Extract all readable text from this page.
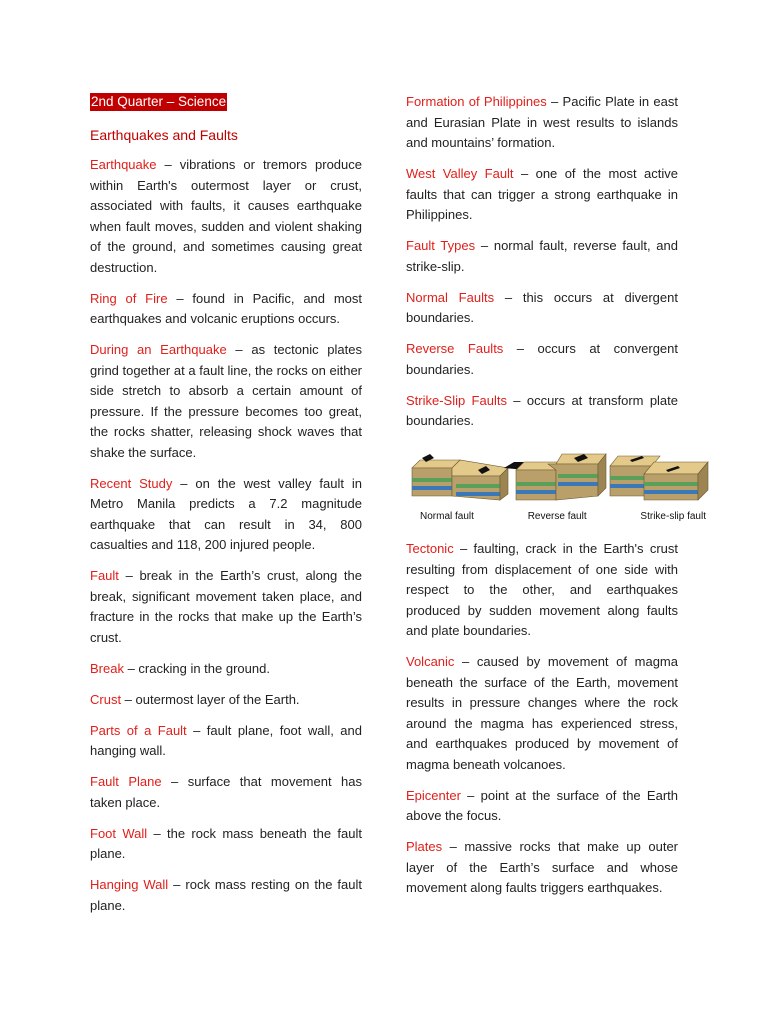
2nd Quarter – Science
Earthquakes and Faults

Earthquake – vibrations or tremors produce within Earth's outermost layer or crust, associated with faults, it causes earthquake when fault moves, sudden and violent shaking of the ground, and sometimes causing great destruction.

Ring of Fire – found in Pacific, and most earthquakes and volcanic eruptions occurs.

During an Earthquake – as tectonic plates grind together at a fault line, the rocks on either side stretch to absorb a certain amount of pressure. If the pressure becomes too great, the rocks shatter, releasing shock waves that shake the surface.

Recent Study – on the west valley fault in Metro Manila predicts a 7.2 magnitude earthquake that can result in 34, 800 casualties and 118, 200 injured people.

Fault – break in the Earth’s crust, along the break, significant movement taken place, and fracture in the rocks that make up the Earth’s crust.

Break – cracking in the ground.

Crust – outermost layer of the Earth.

Parts of a Fault – fault plane, foot wall, and hanging wall.

Fault Plane – surface that movement has taken place.

Foot Wall – the rock mass beneath the fault plane.

Hanging Wall – rock mass resting on the fault plane.

Formation of Philippines – Pacific Plate in east and Eurasian Plate in west results to islands and mountains’ formation.

West Valley Fault – one of the most active faults that can trigger a strong earthquake in Philippines.

Fault Types – normal fault, reverse fault, and strike-slip.

Normal Faults – this occurs at divergent boundaries.

Reverse Faults – occurs at convergent boundaries.

Strike-Slip Faults – occurs at transform plate boundaries.

Normal fault	Reverse fault	Strike-slip fault

Tectonic – faulting, crack in the Earth's crust resulting from displacement of one side with respect to the other, and earthquakes produced by sudden movement along faults and plate boundaries.

Volcanic – caused by movement of magma beneath the surface of the Earth, movement results in pressure changes where the rock around the magma has experienced stress, and earthquakes produced by movement of magma beneath volcanoes.

Epicenter – point at the surface of the Earth above the focus.

Plates – massive rocks that make up outer layer of the Earth’s surface and whose movement along faults triggers earthquakes.
